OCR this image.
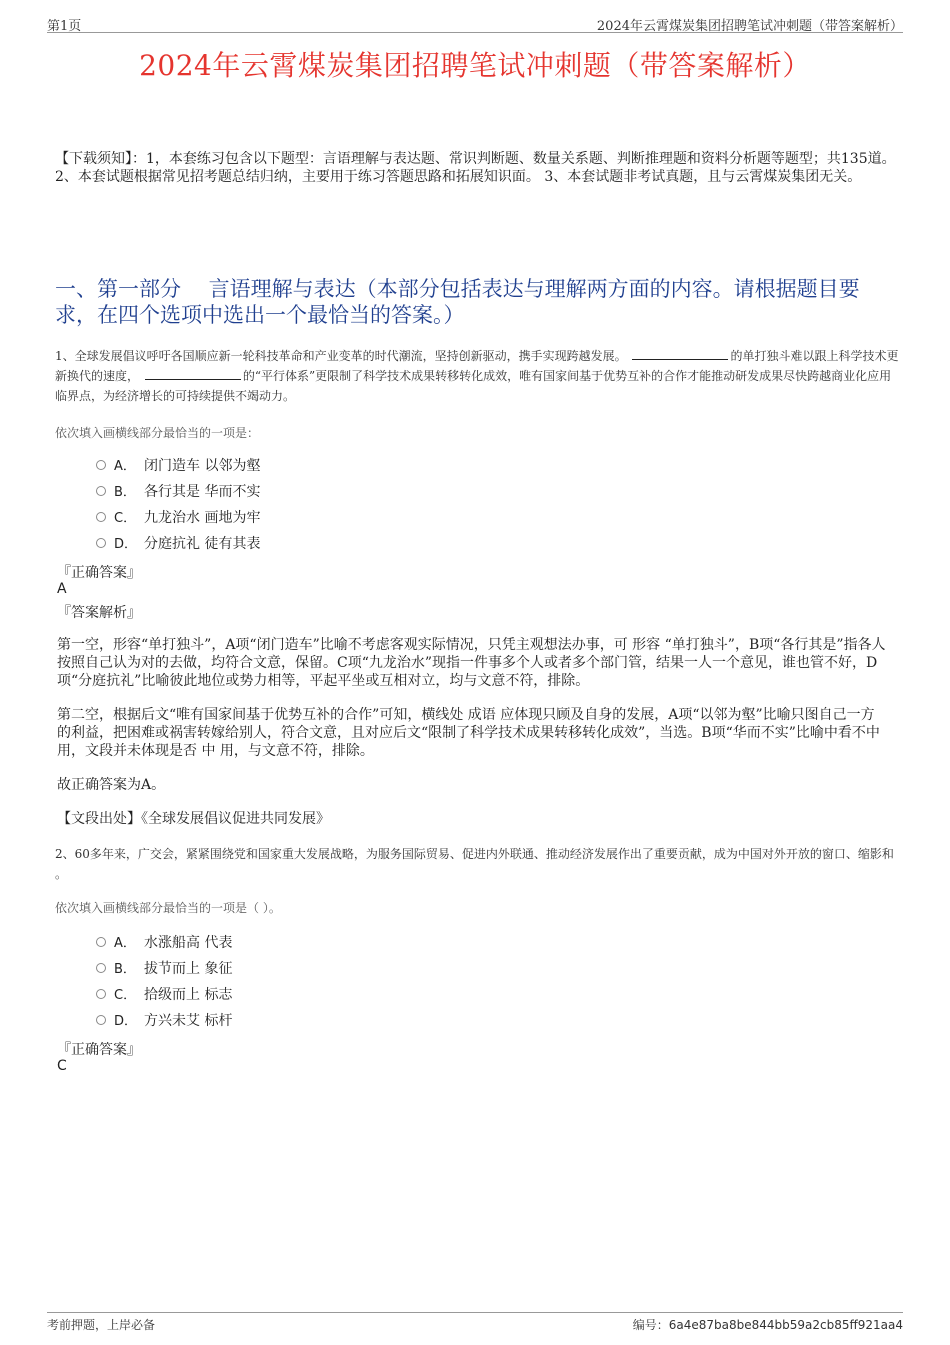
第1页	2024年云霄煤炭集团招聘笔试冲刺题（带答案解析）
2024年云霄煤炭集团招聘笔试冲刺题（带答案解析）
【下载须知】：1，本套练习包含以下题型：言语理解与表达题、常识判断题、数量关系题、判断推理题和资料分析题等题型；共135道。 2、本套试题根据常见招考题总结归纳，主要用于练习答题思路和拓展知识面。 3、本套试题非考试真题，且与云霄煤炭集团无关。
一、第一部分　 言语理解与表达（本部分包括表达与理解两方面的内容。请根据题目要求，在四个选项中选出一个最恰当的答案。）
1、全球发展倡议呼吁各国顺应新一轮科技革命和产业变革的时代潮流，坚持创新驱动，携手实现跨越发展。	的单打独斗难以跟上科学技术更新换代的速度，	的“平行体系”更限制了科学技术成果转移转化成效，唯有国家间基于优势互补的合作才能推动研发成果尽快跨越商业化应用临界点，为经济增长的可持续提供不竭动力。
依次填入画横线部分最恰当的一项是：
A． 闭门造车 以邻为壑
B． 各行其是 华而不实
C． 九龙治水 画地为牢
D． 分庭抗礼 徒有其表
『正确答案』
A
『答案解析』
第一空，形容“单打独斗”，A项“闭门造车”比喻不考虑客观实际情况，只凭主观想法办事，可 形容 “单打独斗”，B项“各行其是”指各人按照自己认为对的去做，均符合文意，保留。C项“九龙治水”现指一件事多个人或者多个部门管，结果一人一个意见，谁也管不好，D项“分庭抗礼”比喻彼此地位或势力相等，平起平坐或互相对立，均与文意不符，排除。
第二空，根据后文“唯有国家间基于优势互补的合作”可知，横线处 成语 应体现只顾及自身的发展，A项“以邻为壑”比喻只图自己一方的利益，把困难或祸害转嫁给别人，符合文意，且对应后文“限制了科学技术成果转移转化成效”，当选。B项“华而不实”比喻中看不中用，文段并未体现是否 中 用，与文意不符，排除。
故正确答案为A。
【文段出处】《全球发展倡议促进共同发展》
2、60多年来，广交会，紧紧围绕党和国家重大发展战略，为服务国际贸易、促进内外联通、推动经济发展作出了重要贡献，成为中国对外开放的窗口、缩影和 。
依次填入画横线部分最恰当的一项是（ ）。
A． 水涨船高 代表
B． 拔节而上 象征
C． 拾级而上 标志
D． 方兴未艾 标杆
『正确答案』
C
考前押题，上岸必备	编号：6a4e87ba8be844bb59a2cb85ff921aa4
